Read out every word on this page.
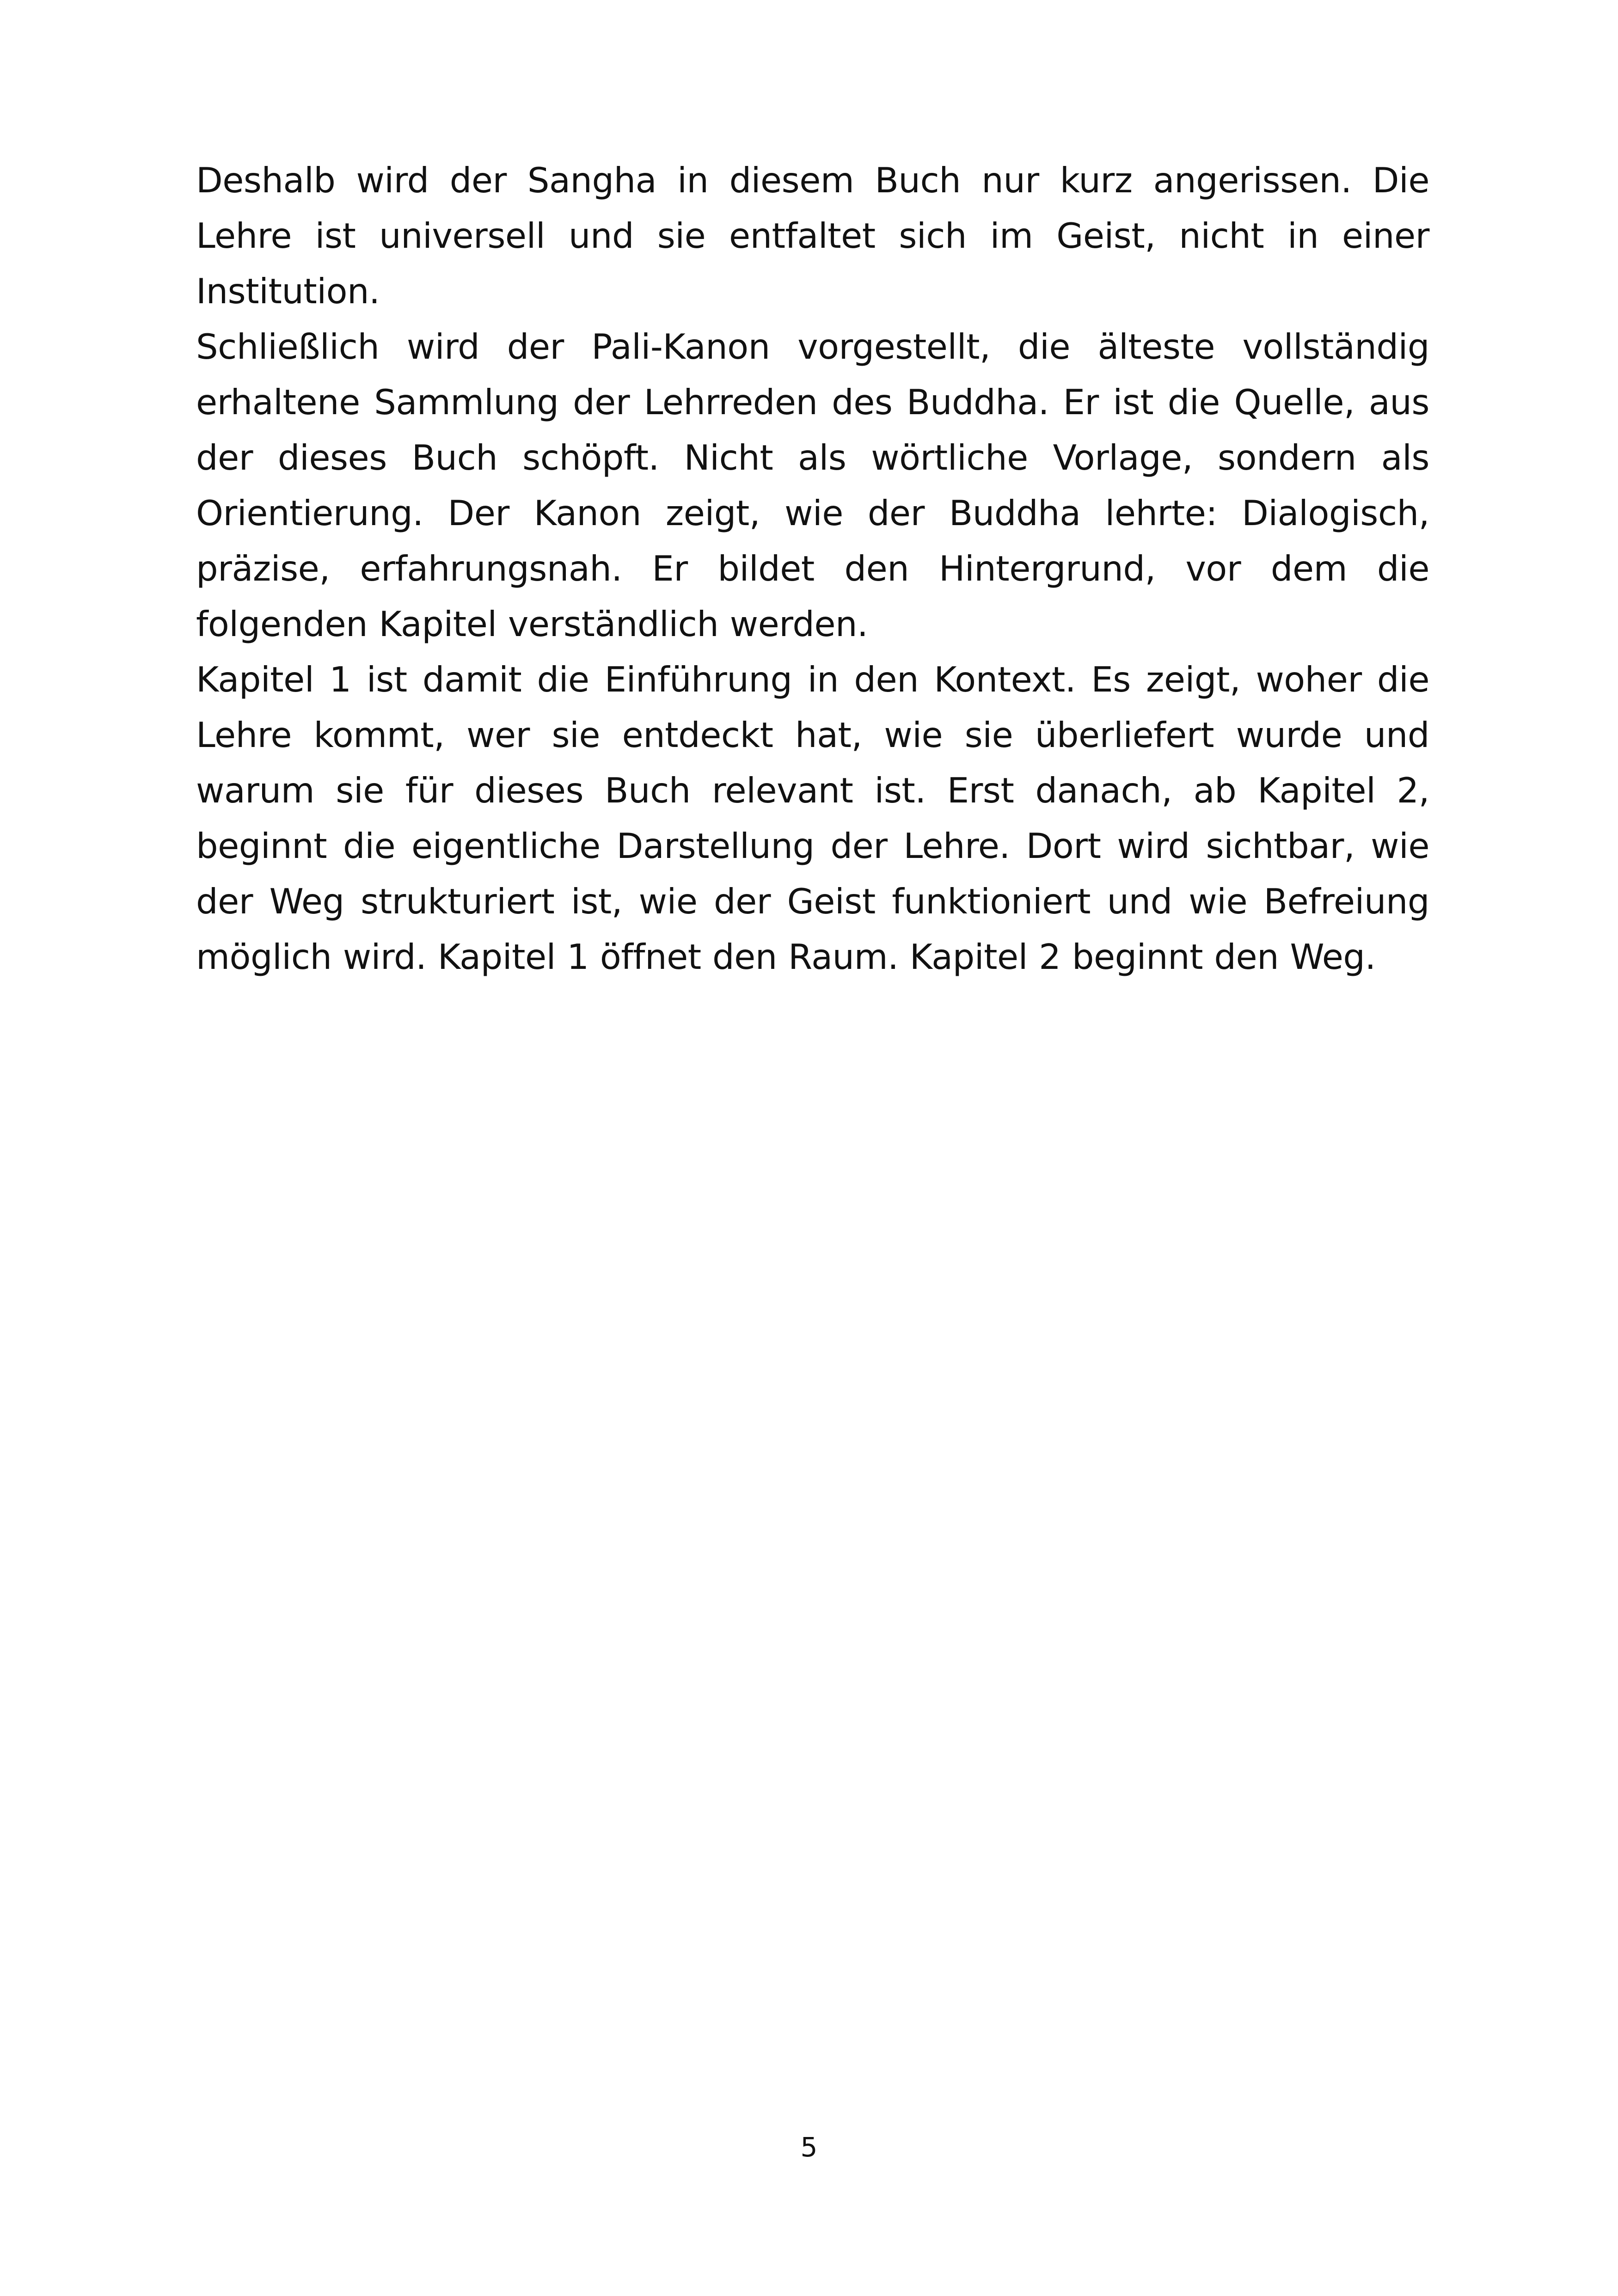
Deshalb wird der Sangha in diesem Buch nur kurz angerissen. Die Lehre ist universell und sie entfaltet sich im Geist, nicht in einer Institution.

Schließlich wird der Pali-Kanon vorgestellt, die älteste vollständig erhaltene Sammlung der Lehrreden des Buddha. Er ist die Quelle, aus der dieses Buch schöpft. Nicht als wörtliche Vorlage, sondern als Orientierung. Der Kanon zeigt, wie der Buddha lehrte: Dialogisch, präzise, erfahrungsnah. Er bildet den Hintergrund, vor dem die folgenden Kapitel verständlich werden.

Kapitel 1 ist damit die Einführung in den Kontext. Es zeigt, woher die Lehre kommt, wer sie entdeckt hat, wie sie überliefert wurde und warum sie für dieses Buch relevant ist. Erst danach, ab Kapitel 2, beginnt die eigentliche Darstellung der Lehre. Dort wird sichtbar, wie der Weg strukturiert ist, wie der Geist funktioniert und wie Befreiung möglich wird. Kapitel 1 öffnet den Raum. Kapitel 2 beginnt den Weg.

5
